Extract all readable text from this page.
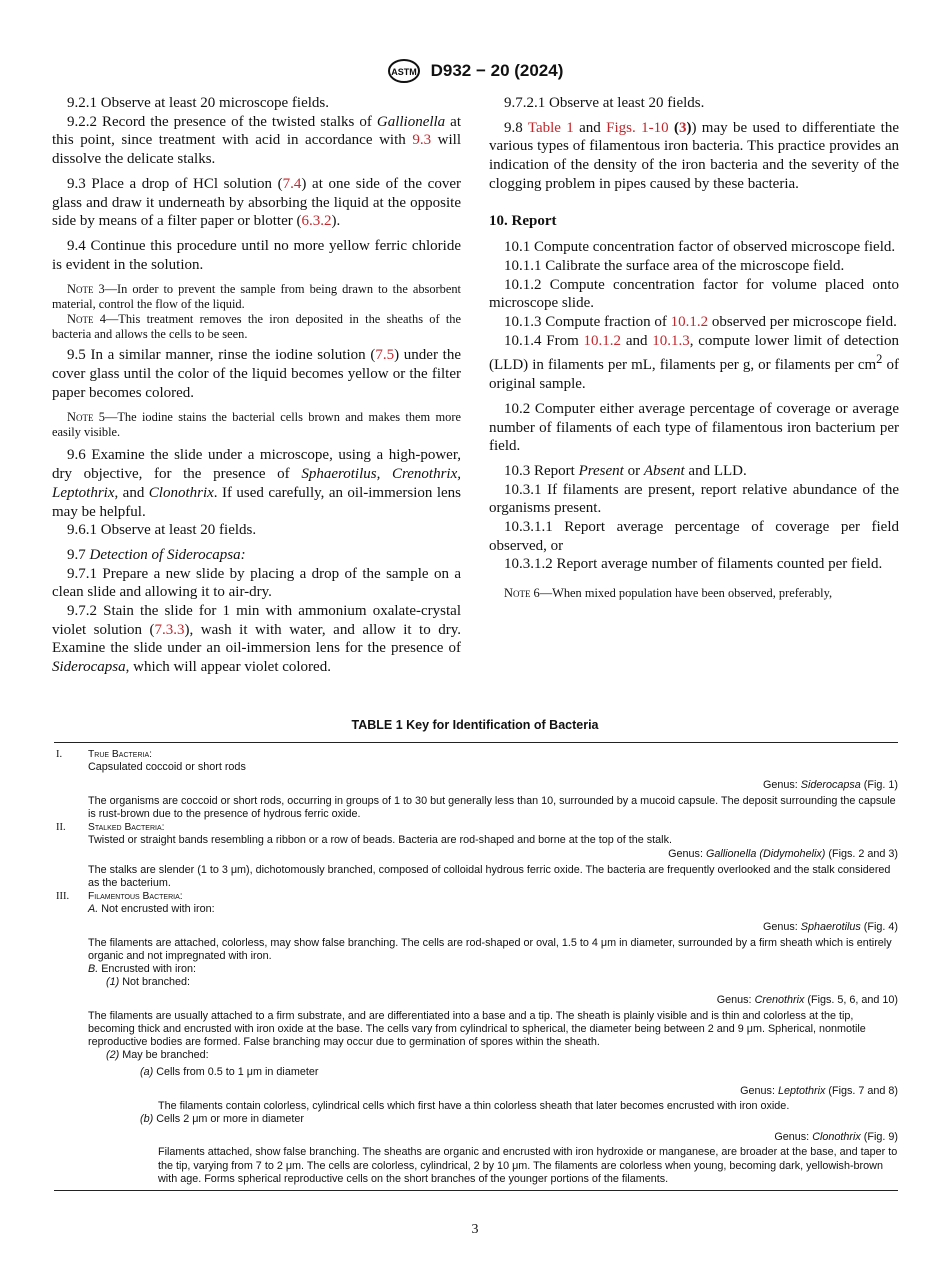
ASTM D932 − 20 (2024)

9.2.1 Observe at least 20 microscope fields.

9.2.2 Record the presence of the twisted stalks of Gallionella at this point, since treatment with acid in accordance with 9.3 will dissolve the delicate stalks.

9.3 Place a drop of HCl solution (7.4) at one side of the cover glass and draw it underneath by absorbing the liquid at the opposite side by means of a filter paper or blotter (6.3.2).

9.4 Continue this procedure until no more yellow ferric chloride is evident in the solution.

Note 3—In order to prevent the sample from being drawn to the absorbent material, control the flow of the liquid.

Note 4—This treatment removes the iron deposited in the sheaths of the bacteria and allows the cells to be seen.

9.5 In a similar manner, rinse the iodine solution (7.5) under the cover glass until the color of the liquid becomes yellow or the filter paper becomes colored.

Note 5—The iodine stains the bacterial cells brown and makes them more easily visible.

9.6 Examine the slide under a microscope, using a high-power, dry objective, for the presence of Sphaerotilus, Crenothrix, Leptothrix, and Clonothrix. If used carefully, an oil-immersion lens may be helpful.

9.6.1 Observe at least 20 fields.

9.7 Detection of Siderocapsa:

9.7.1 Prepare a new slide by placing a drop of the sample on a clean slide and allowing it to air-dry.

9.7.2 Stain the slide for 1 min with ammonium oxalate-crystal violet solution (7.3.3), wash it with water, and allow it to dry. Examine the slide under an oil-immersion lens for the presence of Siderocapsa, which will appear violet colored.

9.7.2.1 Observe at least 20 fields.

9.8 Table 1 and Figs. 1-10 (3)) may be used to differentiate the various types of filamentous iron bacteria. This practice provides an indication of the density of the iron bacteria and the severity of the clogging problem in pipes caused by these bacteria.

10. Report

10.1 Compute concentration factor of observed microscope field.

10.1.1 Calibrate the surface area of the microscope field.

10.1.2 Compute concentration factor for volume placed onto microscope slide.

10.1.3 Compute fraction of 10.1.2 observed per microscope field.

10.1.4 From 10.1.2 and 10.1.3, compute lower limit of detection (LLD) in filaments per mL, filaments per g, or filaments per $cm^2$ of original sample.

10.2 Computer either average percentage of coverage or average number of filaments of each type of filamentous iron bacterium per field.

10.3 Report Present or Absent and LLD.

10.3.1 If filaments are present, report relative abundance of the organisms present.

10.3.1.1 Report average percentage of coverage per field observed, or

10.3.1.2 Report average number of filaments counted per field.

Note 6—When mixed population have been observed, preferably,

TABLE 1 Key for Identification of Bacteria
I.	True Bacteria:
Capsulated coccoid or short rods
Genus: Siderocapsa (Fig. 1)
The organisms are coccoid or short rods, occurring in groups of 1 to 30 but generally less than 10, surrounded by a mucoid capsule. The deposit surrounding the capsule is rust-brown due to the presence of hydrous ferric oxide.
II.	Stalked Bacteria:
Twisted or straight bands resembling a ribbon or a row of beads. Bacteria are rod-shaped and borne at the top of the stalk.
Genus: Gallionella (Didymohelix) (Figs. 2 and 3)
The stalks are slender (1 to 3 μm), dichotomously branched, composed of colloidal hydrous ferric oxide. The bacteria are frequently overlooked and the stalk considered as the bacterium.
III.	Filamentous Bacteria:
A. Not encrusted with iron:
Genus: Sphaerotilus (Fig. 4)
The filaments are attached, colorless, may show false branching. The cells are rod-shaped or oval, 1.5 to 4 μm in diameter, surrounded by a firm sheath which is entirely organic and not impregnated with iron.
B. Encrusted with iron:
(1) Not branched:
Genus: Crenothrix (Figs. 5, 6, and 10)
The filaments are usually attached to a firm substrate, and are differentiated into a base and a tip. The sheath is plainly visible and is thin and colorless at the tip, becoming thick and encrusted with iron oxide at the base. The cells vary from cylindrical to spherical, the diameter being between 2 and 9 μm. Spherical, nonmotile reproductive bodies are formed. False branching may occur due to germination of spores within the sheath.
(2) May be branched:
(a) Cells from 0.5 to 1 μm in diameter
Genus: Leptothrix (Figs. 7 and 8)
The filaments contain colorless, cylindrical cells which first have a thin colorless sheath that later becomes encrusted with iron oxide.
(b) Cells 2 μm or more in diameter
Genus: Clonothrix (Fig. 9)
Filaments attached, show false branching. The sheaths are organic and encrusted with iron hydroxide or manganese, are broader at the base, and taper to the tip, varying from 7 to 2 μm. The cells are colorless, cylindrical, 2 by 10 μm. The filaments are colorless when young, becoming dark, yellowish-brown with age. Forms spherical reproductive cells on the short branches of the younger portions of the filaments.
3
